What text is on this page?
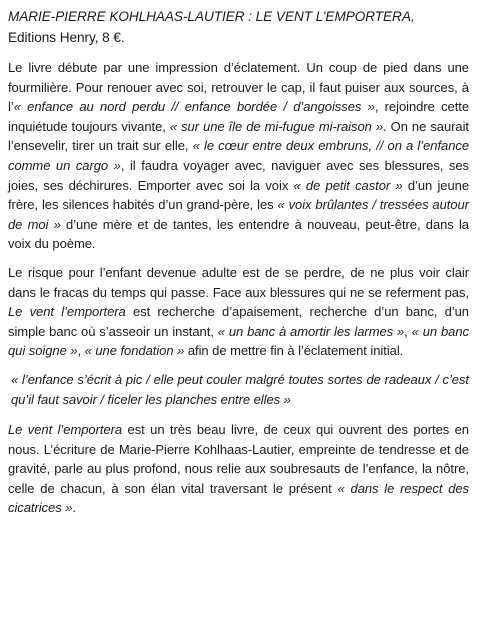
MARIE-PIERRE KOHLHAAS-LAUTIER : LE VENT L’EMPORTERA,
Editions Henry, 8 €.

Le livre débute par une impression d’éclatement. Un coup de pied dans une fourmilière. Pour renouer avec soi, retrouver le cap, il faut puiser aux sources, à l’« enfance au nord perdu // enfance bordée / d’angoisses », rejoindre cette inquiétude toujours vivante, « sur une île de mi-fugue mi-raison ». On ne saurait l’ensevelir, tirer un trait sur elle, « le cœur entre deux embruns, // on a l’enfance comme un cargo », il faudra voyager avec, naviguer avec ses blessures, ses joies, ses déchirures. Emporter avec soi la voix « de petit castor » d’un jeune frère, les silences habités d’un grand-père, les « voix brûlantes / tressées autour de moi » d’une mère et de tantes, les entendre à nouveau, peut-être, dans la voix du poème.

Le risque pour l’enfant devenue adulte est de se perdre, de ne plus voir clair dans le fracas du temps qui passe. Face aux blessures qui ne se referment pas, Le vent l’emportera est recherche d’apaisement, recherche d’un banc, d’un simple banc où s’asseoir un instant, « un banc à amortir les larmes », « un banc qui soigne », « une fondation » afin de mettre fin à l’éclatement initial.

« l’enfance s’écrit à pic / elle peut couler malgré toutes sortes de radeaux / c’est qu’il faut savoir / ficeler les planches entre elles »

Le vent l’emportera est un très beau livre, de ceux qui ouvrent des portes en nous. L’écriture de Marie-Pierre Kohlhaas-Lautier, empreinte de tendresse et de gravité, parle au plus profond, nous relie aux soubresauts de l’enfance, la nôtre, celle de chacun, à son élan vital traversant le présent « dans le respect des cicatrices ».
